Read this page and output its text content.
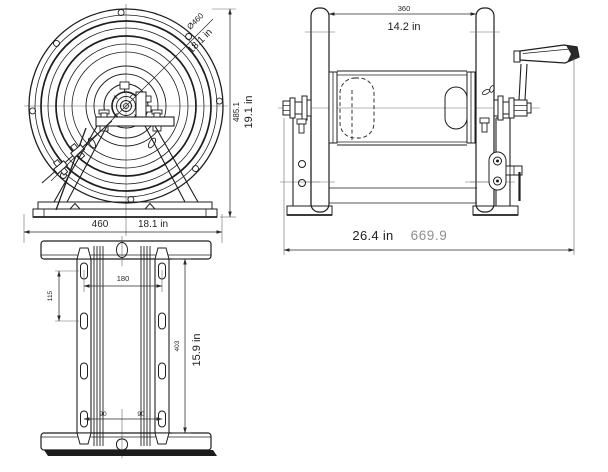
Ø460
18.1 in
485.1 19.1 in
460	18.1 in
360
14.2 in
26.4 in 669.9
115
180
403 15.9 in
90	90
